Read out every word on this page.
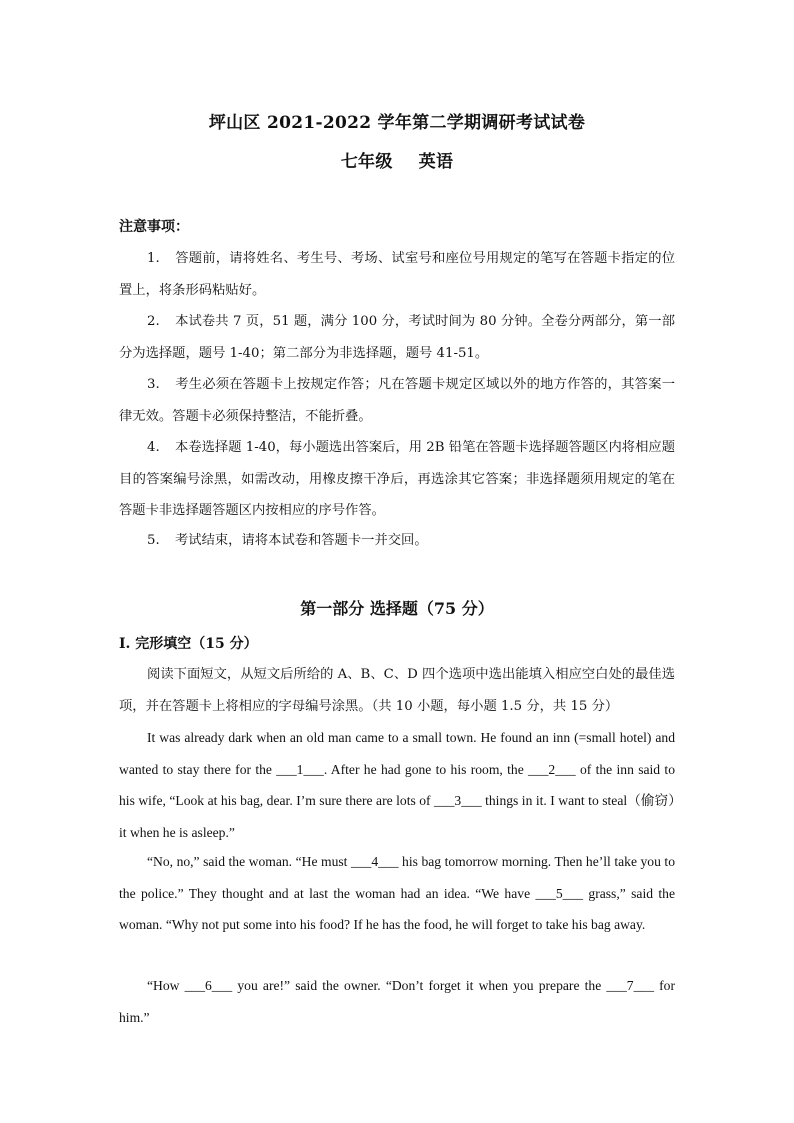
坪山区 2021-2022 学年第二学期调研考试试卷
七年级 英语
注意事项：
1. 答题前，请将姓名、考生号、考场、试室号和座位号用规定的笔写在答题卡指定的位置上，将条形码粘贴好。
2. 本试卷共 7 页，51 题，满分 100 分，考试时间为 80 分钟。全卷分两部分，第一部分为选择题，题号 1-40；第二部分为非选择题，题号 41-51。
3. 考生必须在答题卡上按规定作答；凡在答题卡规定区域以外的地方作答的，其答案一律无效。答题卡必须保持整洁，不能折叠。
4. 本卷选择题 1-40，每小题选出答案后，用 2B 铅笔在答题卡选择题答题区内将相应题目的答案编号涂黑，如需改动，用橡皮擦干净后，再选涂其它答案；非选择题须用规定的笔在答题卡非选择题答题区内按相应的序号作答。
5. 考试结束，请将本试卷和答题卡一并交回。
第一部分 选择题（75 分）
I. 完形填空（15 分）
阅读下面短文，从短文后所给的 A、B、C、D 四个选项中选出能填入相应空白处的最佳选项，并在答题卡上将相应的字母编号涂黑。（共 10 小题，每小题 1.5 分，共 15 分）
It was already dark when an old man came to a small town. He found an inn (=small hotel) and wanted to stay there for the ___1___. After he had gone to his room, the ___2___ of the inn said to his wife, “Look at his bag, dear. I’m sure there are lots of ___3___ things in it. I want to steal（偷窃）it when he is asleep.”
“No, no,” said the woman. “He must ___4___ his bag tomorrow morning. Then he’ll take you to the police.” They thought and at last the woman had an idea. “We have ___5___ grass,” said the woman. “Why not put some into his food? If he has the food, he will forget to take his bag away.
“How ___6___ you are!” said the owner. “Don’t forget it when you prepare the ___7___ for him.”
